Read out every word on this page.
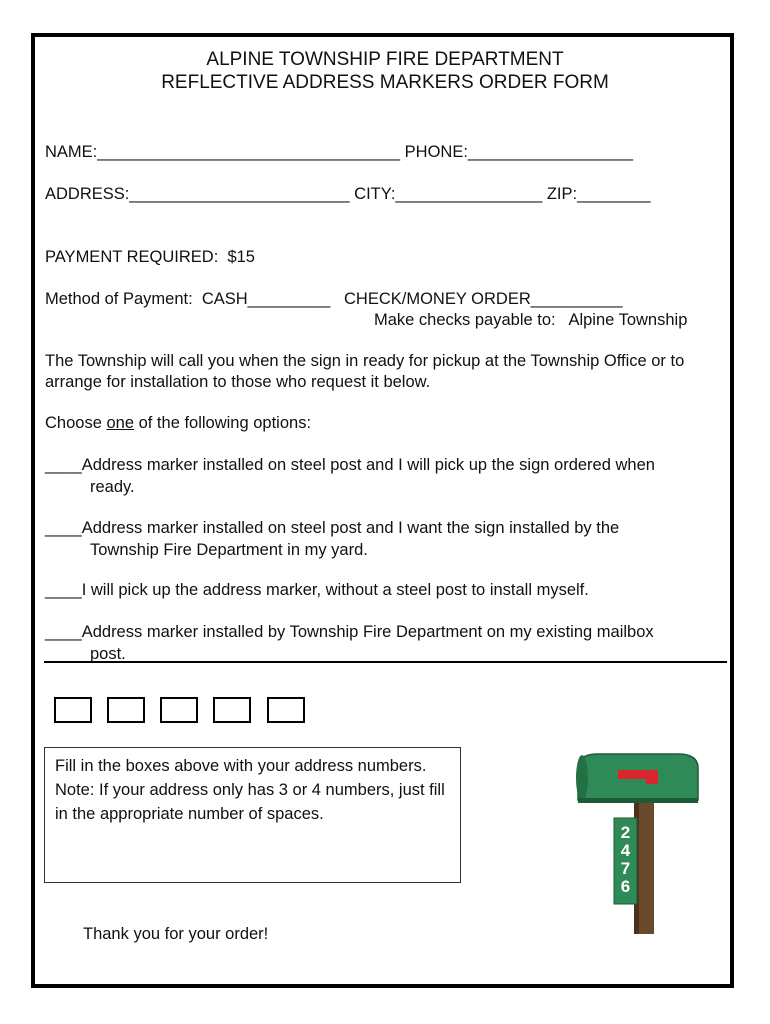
ALPINE TOWNSHIP FIRE DEPARTMENT
REFLECTIVE ADDRESS MARKERS ORDER FORM
NAME:_________________________________ PHONE:__________________
ADDRESS:________________________ CITY:________________ ZIP:________
PAYMENT REQUIRED:  $15
Method of Payment:  CASH_________   CHECK/MONEY ORDER__________
Make checks payable to:   Alpine Township
The Township will call you when the sign in ready for pickup at the Township Office or to arrange for installation to those who request it below.
Choose one of the following options:
____Address marker installed on steel post and I will pick up the sign ordered when
ready.
____Address marker installed on steel post and I want the sign installed by the
Township Fire Department in my yard.
____I will pick up the address marker, without a steel post to install myself.
____Address marker installed by Township Fire Department on my existing mailbox
post.
Fill in the boxes above with your address numbers. Note: If your address only has 3 or 4 numbers, just fill in the appropriate number of spaces.
Thank you for your order!
2
4
7
6
